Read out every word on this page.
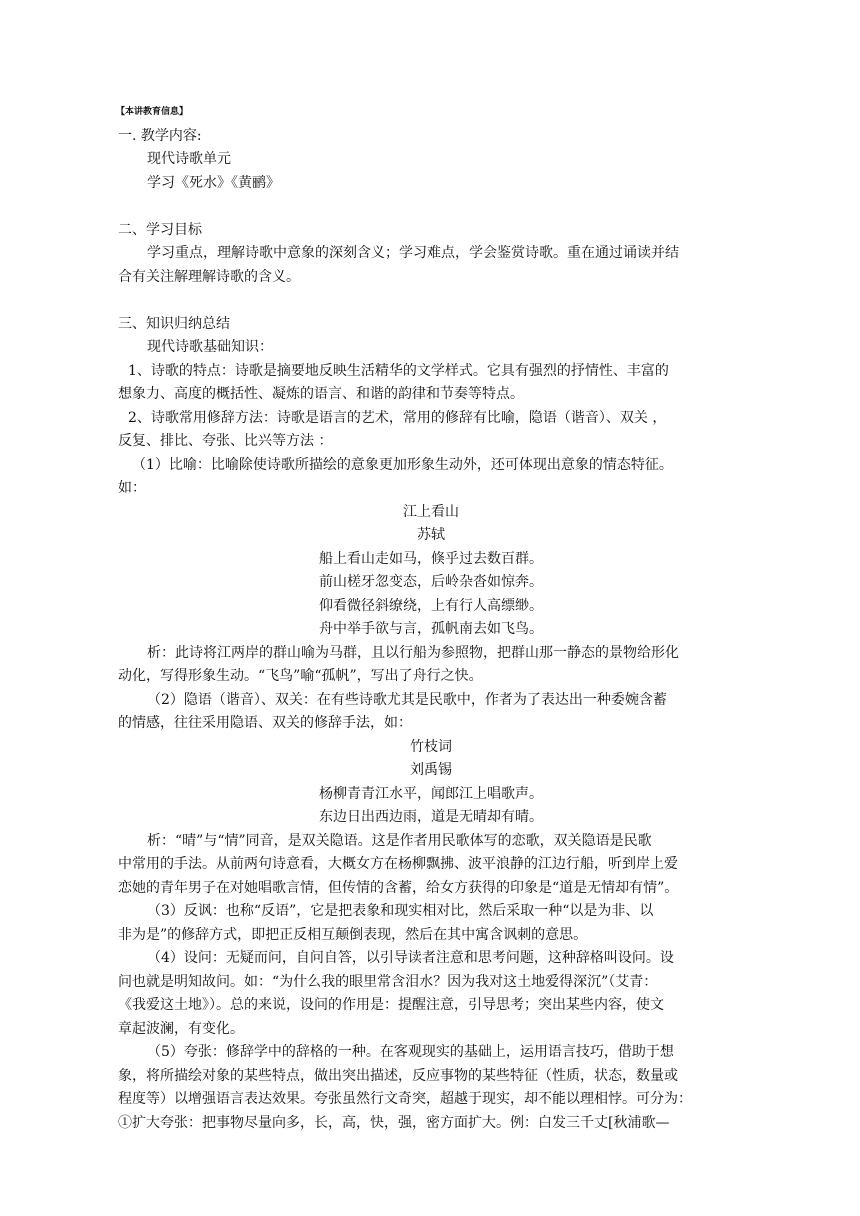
【本讲教育信息】
一. 教学内容:
现代诗歌单元
学习《死水》《黄鹂》
二、学习目标
学习重点，理解诗歌中意象的深刻含义；学习难点，学会鉴赏诗歌。重在通过诵读并结
合有关注解理解诗歌的含义。
三、知识归纳总结
现代诗歌基础知识：
1、诗歌的特点：诗歌是摘要地反映生活精华的文学样式。它具有强烈的抒情性、丰富的
想象力、高度的概括性、凝炼的语言、和谐的韵律和节奏等特点。
2、诗歌常用修辞方法：诗歌是语言的艺术，常用的修辞有比喻，隐语（谐音）、双关 ，
反复、排比、夸张、比兴等方法 ：
（1）比喻：比喻除使诗歌所描绘的意象更加形象生动外，还可体现出意象的情态特征。
如：
江上看山
苏轼
船上看山走如马，倏乎过去数百群。
前山槎牙忽变态，后岭杂沓如惊奔。
仰看微径斜缭绕，上有行人高缥缈。
舟中举手欲与言，孤帆南去如飞鸟。
析：此诗将江两岸的群山喻为马群，且以行船为参照物，把群山那一静态的景物给形化
动化，写得形象生动。“飞鸟”喻“孤帆”，写出了舟行之快。
（2）隐语（谐音）、双关：在有些诗歌尤其是民歌中，作者为了表达出一种委婉含蓄
的情感，往往采用隐语、双关的修辞手法，如：
竹枝词
刘禹锡
杨柳青青江水平，闻郎江上唱歌声。
东边日出西边雨，道是无晴却有晴。
析：“晴”与“情”同音，是双关隐语。这是作者用民歌体写的恋歌，双关隐语是民歌
中常用的手法。从前两句诗意看，大概女方在杨柳飘拂、波平浪静的江边行船，听到岸上爱
恋她的青年男子在对她唱歌言情，但传情的含蓄，给女方获得的印象是“道是无情却有情”。
（3）反讽：也称“反语”，它是把表象和现实相对比，然后采取一种“以是为非、以
非为是”的修辞方式，即把正反相互颠倒表现，然后在其中寓含讽刺的意思。
（4）设问：无疑而问，自问自答，以引导读者注意和思考问题，这种辞格叫设问。设
问也就是明知故问。如：“为什么我的眼里常含泪水？因为我对这土地爱得深沉”（艾青：
《我爱这土地》）。总的来说，设问的作用是：提醒注意，引导思考；突出某些内容，使文
章起波澜，有变化。
（5）夸张：修辞学中的辞格的一种。在客观现实的基础上，运用语言技巧，借助于想
象，将所描绘对象的某些特点，做出突出描述，反应事物的某些特征（性质，状态，数量或
程度等）以增强语言表达效果。夸张虽然行文奇突，超越于现实，却不能以理相悖。可分为：
①扩大夸张：把事物尽量向多，长，高，快，强，密方面扩大。例：白发三千丈[秋浦歌—
